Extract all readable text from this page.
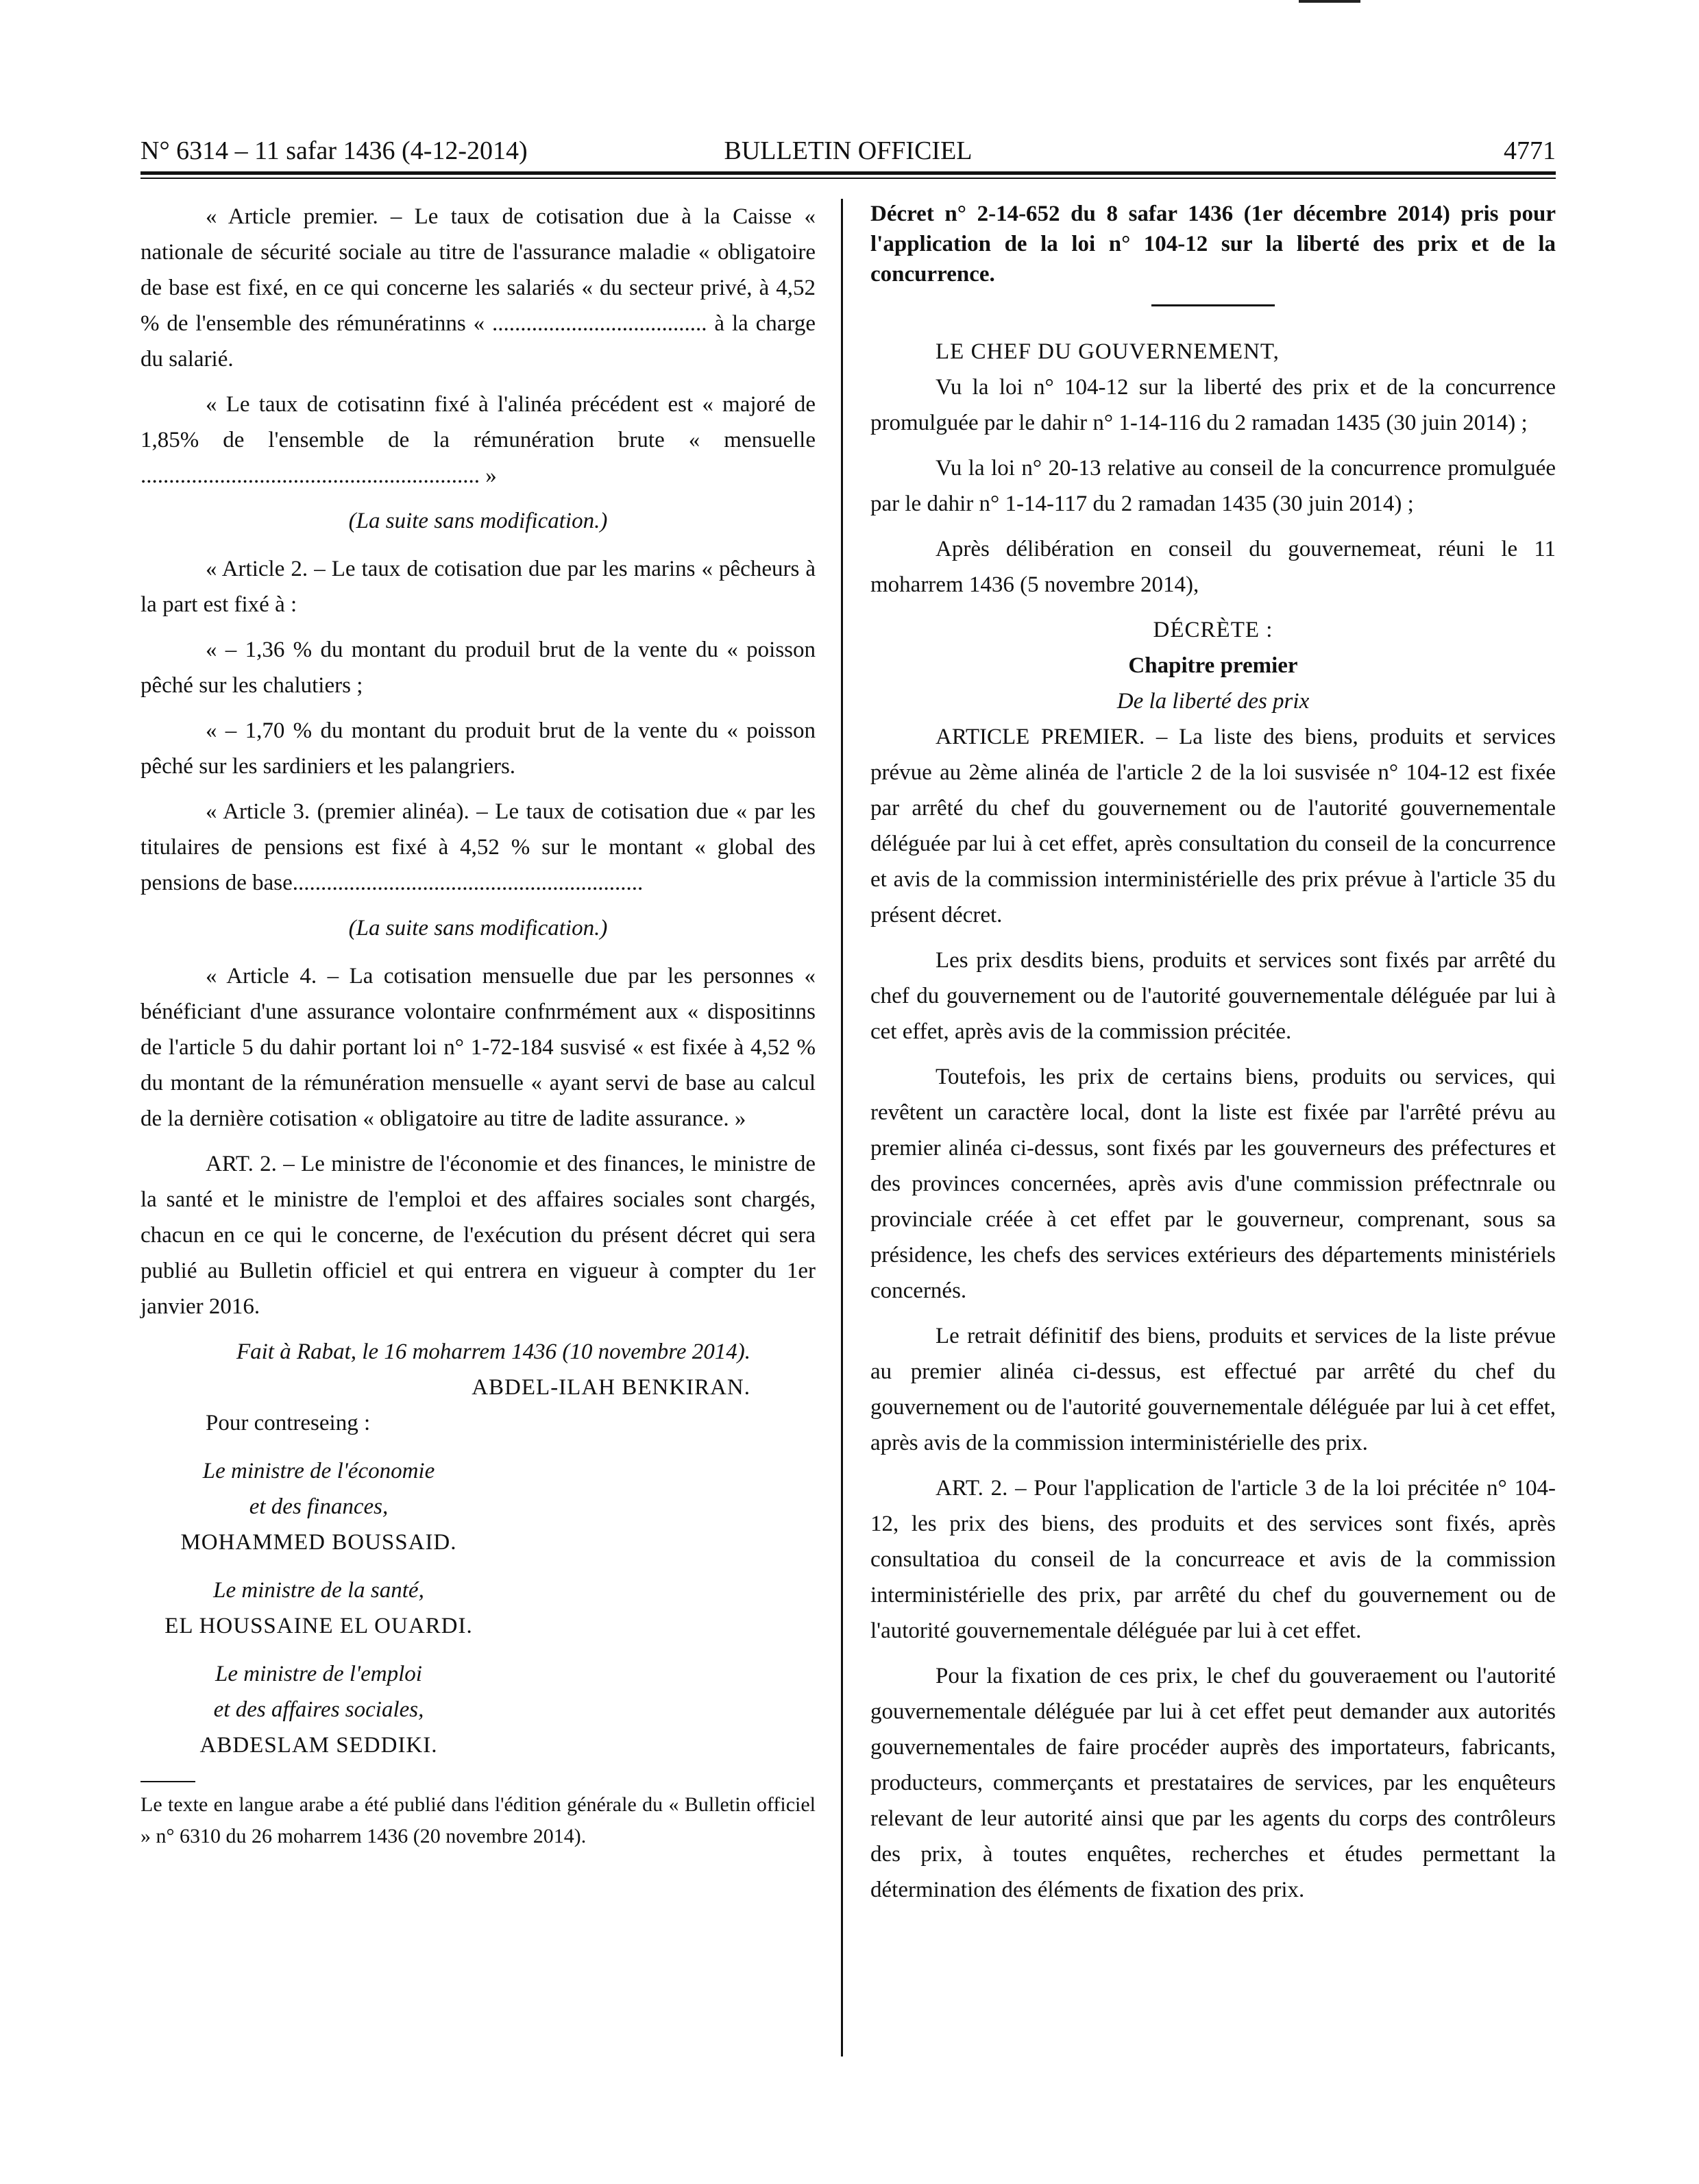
N° 6314 – 11 safar 1436 (4-12-2014)	BULLETIN OFFICIEL	4771

« Article premier. – Le taux de cotisation due à la Caisse « nationale de sécurité sociale au titre de l'assurance maladie « obligatoire de base est fixé, en ce qui concerne les salariés « du secteur privé, à 4,52 % de l'ensemble des rémunératinns « ...................................... à la charge du salarié.

« Le taux de cotisatinn fixé à l'alinéa précédent est « majoré de 1,85% de l'ensemble de la rémunération brute « mensuelle ............................................................ »

(La suite sans modification.)

« Article 2. – Le taux de cotisation due par les marins « pêcheurs à la part est fixé à :

« – 1,36 % du montant du produil brut de la vente du « poisson pêché sur les chalutiers ;

« – 1,70 % du montant du produit brut de la vente du « poisson pêché sur les sardiniers et les palangriers.

« Article 3. (premier alinéa). – Le taux de cotisation due « par les titulaires de pensions est fixé à 4,52 % sur le montant « global des pensions de base..............................................................

(La suite sans modification.)

« Article 4. – La cotisation mensuelle due par les personnes « bénéficiant d'une assurance volontaire confnrmément aux « dispositinns de l'article 5 du dahir portant loi n° 1-72-184 susvisé « est fixée à 4,52 % du montant de la rémunération mensuelle « ayant servi de base au calcul de la dernière cotisation « obligatoire au titre de ladite assurance. »

ART. 2. – Le ministre de l'économie et des finances, le ministre de la santé et le ministre de l'emploi et des affaires sociales sont chargés, chacun en ce qui le concerne, de l'exécution du présent décret qui sera publié au Bulletin officiel et qui entrera en vigueur à compter du 1er janvier 2016.

Fait à Rabat, le 16 moharrem 1436 (10 novembre 2014).

ABDEL-ILAH BENKIRAN.

Pour contreseing :

Le ministre de l'économie

et des finances,

MOHAMMED BOUSSAID.

Le ministre de la santé,

EL HOUSSAINE EL OUARDI.

Le ministre de l'emploi

et des affaires sociales,

ABDESLAM SEDDIKI.

Le texte en langue arabe a été publié dans l'édition générale du « Bulletin officiel » n° 6310 du 26 moharrem 1436 (20 novembre 2014).

Décret n° 2-14-652 du 8 safar 1436 (1er décembre 2014) pris pour l'application de la loi n° 104-12 sur la liberté des prix et de la concurrence.

LE CHEF DU GOUVERNEMENT,

Vu la loi n° 104-12 sur la liberté des prix et de la concurrence promulguée par le dahir n° 1-14-116 du 2 ramadan 1435 (30 juin 2014) ;

Vu la loi n° 20-13 relative au conseil de la concurrence promulguée par le dahir n° 1-14-117 du 2 ramadan 1435 (30 juin 2014) ;

Après délibération en conseil du gouvernemeat, réuni le 11 moharrem 1436 (5 novembre 2014),

DÉCRÈTE :

Chapitre premier

De la liberté des prix

ARTICLE PREMIER. – La liste des biens, produits et services prévue au 2ème alinéa de l'article 2 de la loi susvisée n° 104-12 est fixée par arrêté du chef du gouvernement ou de l'autorité gouvernementale déléguée par lui à cet effet, après consultation du conseil de la concurrence et avis de la commission interministérielle des prix prévue à l'article 35 du présent décret.

Les prix desdits biens, produits et services sont fixés par arrêté du chef du gouvernement ou de l'autorité gouvernementale déléguée par lui à cet effet, après avis de la commission précitée.

Toutefois, les prix de certains biens, produits ou services, qui revêtent un caractère local, dont la liste est fixée par l'arrêté prévu au premier alinéa ci-dessus, sont fixés par les gouverneurs des préfectures et des provinces concernées, après avis d'une commission préfectnrale ou provinciale créée à cet effet par le gouverneur, comprenant, sous sa présidence, les chefs des services extérieurs des départements ministériels concernés.

Le retrait définitif des biens, produits et services de la liste prévue au premier alinéa ci-dessus, est effectué par arrêté du chef du gouvernement ou de l'autorité gouvernementale déléguée par lui à cet effet, après avis de la commission interministérielle des prix.

ART. 2. – Pour l'application de l'article 3 de la loi précitée n° 104-12, les prix des biens, des produits et des services sont fixés, après consultatioa du conseil de la concurreace et avis de la commission interministérielle des prix, par arrêté du chef du gouvernement ou de l'autorité gouvernementale déléguée par lui à cet effet.

Pour la fixation de ces prix, le chef du gouveraement ou l'autorité gouvernementale déléguée par lui à cet effet peut demander aux autorités gouvernementales de faire procéder auprès des importateurs, fabricants, producteurs, commerçants et prestataires de services, par les enquêteurs relevant de leur autorité ainsi que par les agents du corps des contrôleurs des prix, à toutes enquêtes, recherches et études permettant la détermination des éléments de fixation des prix.
